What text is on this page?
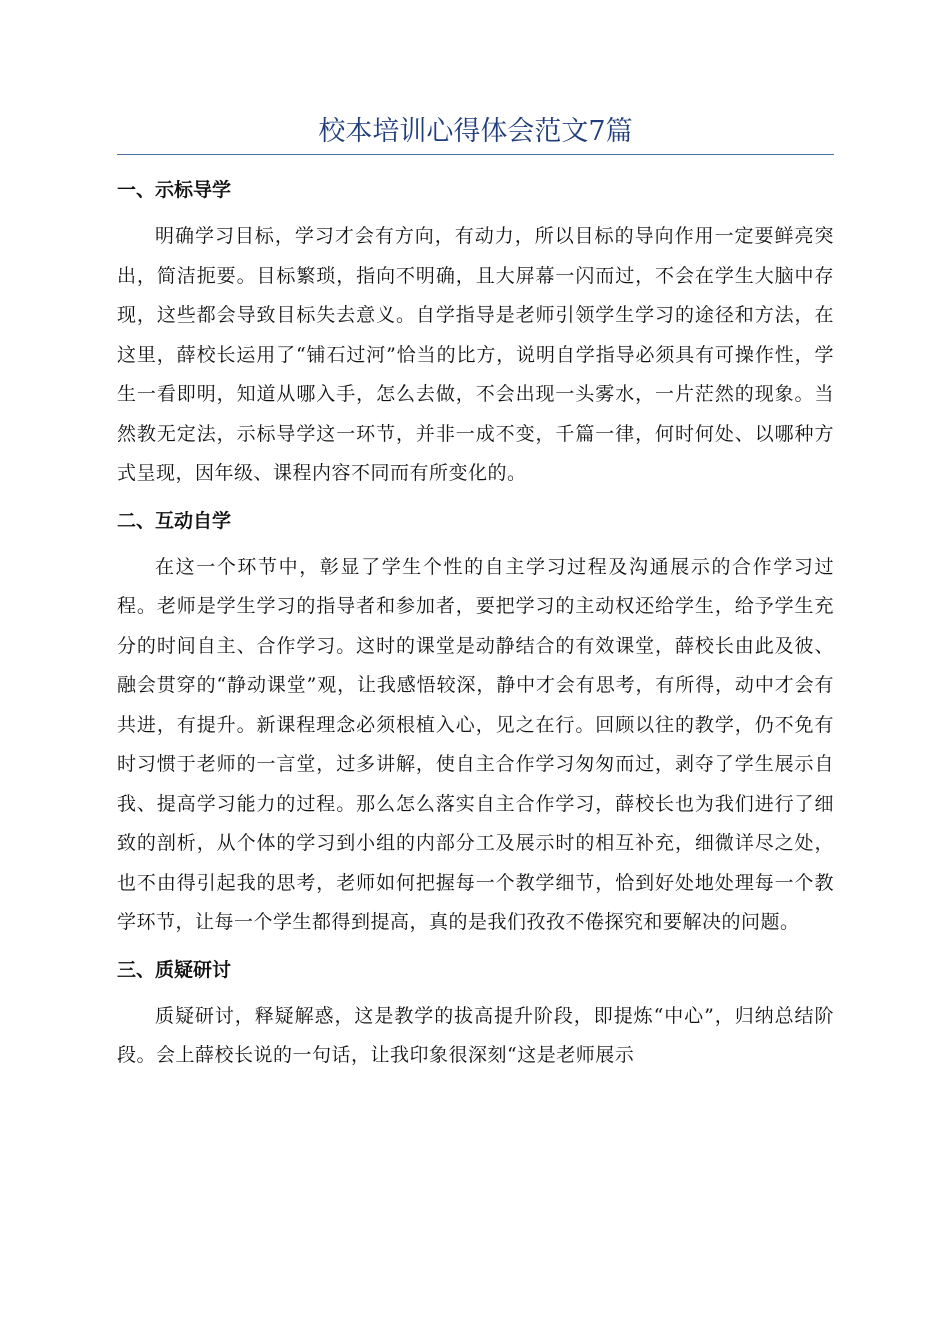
校本培训心得体会范文7篇
一、示标导学

明确学习目标，学习才会有方向，有动力，所以目标的导向作用一定要鲜亮突出，简洁扼要。目标繁琐，指向不明确，且大屏幕一闪而过，不会在学生大脑中存现，这些都会导致目标失去意义。自学指导是老师引领学生学习的途径和方法，在这里，薛校长运用了“铺石过河”恰当的比方，说明自学指导必须具有可操作性，学生一看即明，知道从哪入手，怎么去做，不会出现一头雾水，一片茫然的现象。当然教无定法，示标导学这一环节，并非一成不变，千篇一律，何时何处、以哪种方式呈现，因年级、课程内容不同而有所变化的。

二、互动自学

在这一个环节中，彰显了学生个性的自主学习过程及沟通展示的合作学习过程。老师是学生学习的指导者和参加者，要把学习的主动权还给学生，给予学生充分的时间自主、合作学习。这时的课堂是动静结合的有效课堂，薛校长由此及彼、融会贯穿的“静动课堂”观，让我感悟较深，静中才会有思考，有所得，动中才会有共进，有提升。新课程理念必须根植入心，见之在行。回顾以往的教学，仍不免有时习惯于老师的一言堂，过多讲解，使自主合作学习匆匆而过，剥夺了学生展示自我、提高学习能力的过程。那么怎么落实自主合作学习，薛校长也为我们进行了细致的剖析，从个体的学习到小组的内部分工及展示时的相互补充，细微详尽之处，也不由得引起我的思考，老师如何把握每一个教学细节，恰到好处地处理每一个教学环节，让每一个学生都得到提高，真的是我们孜孜不倦探究和要解决的问题。

三、质疑研讨

质疑研讨，释疑解惑，这是教学的拔高提升阶段，即提炼“中心”，归纳总结阶段。会上薛校长说的一句话，让我印象很深刻“这是老师展示
